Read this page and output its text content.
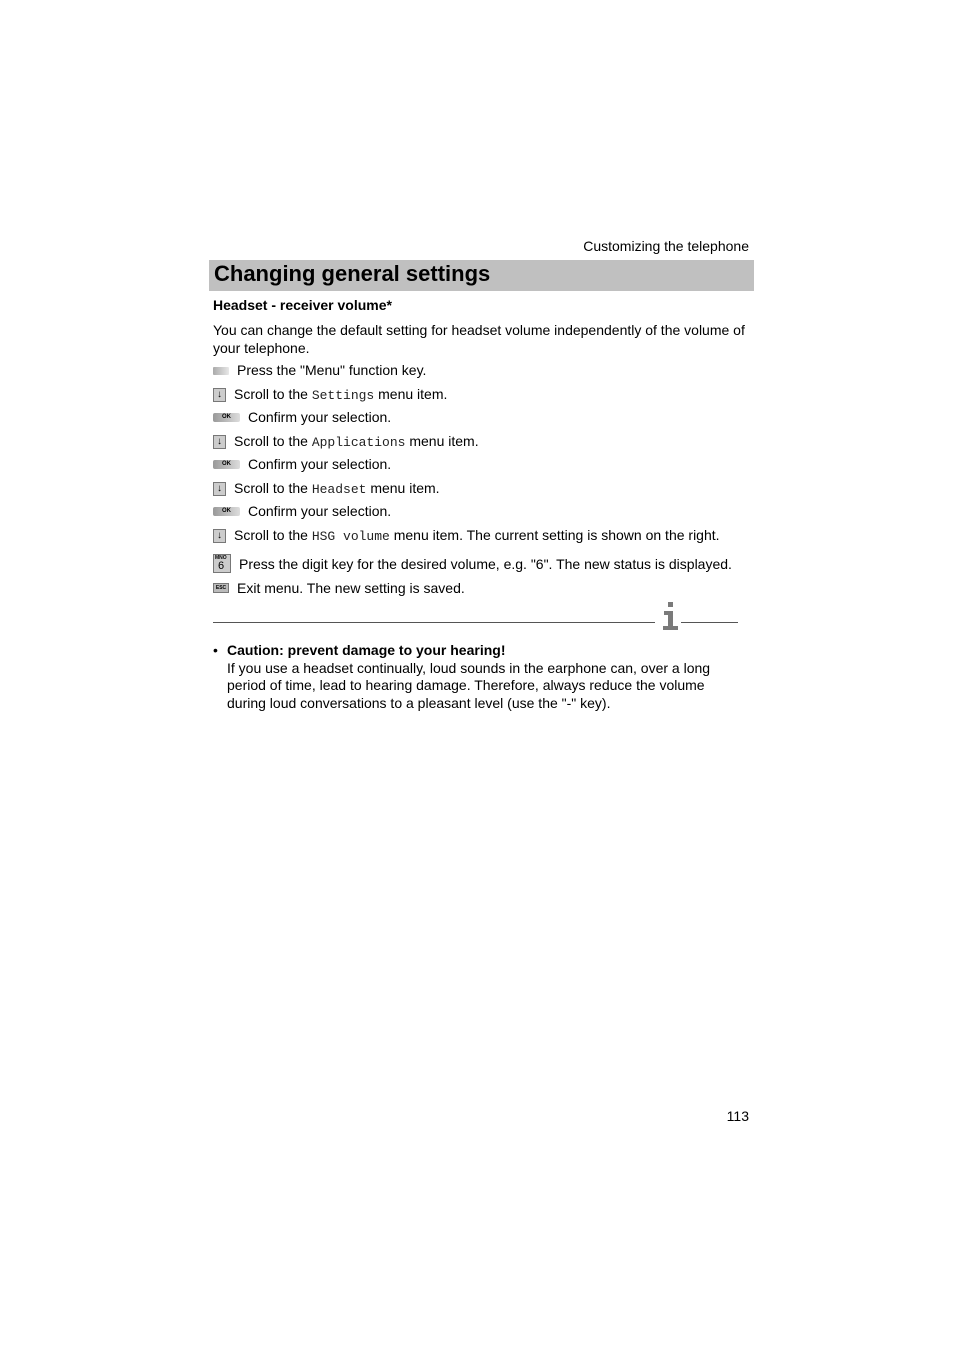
Customizing the telephone
Changing general settings
Headset - receiver volume*
You can change the default setting for headset volume independently of the volume of your telephone.
Press the "Menu" function key.
↓ Scroll to the Settings menu item.
OK	Confirm your selection.
↓ Scroll to the Applications menu item.
OK	Confirm your selection.
↓ Scroll to the Headset menu item.
OK	Confirm your selection.
↓ Scroll to the HSG volume menu item. The current setting is shown on the right.
MNO
6 Press the digit key for the desired volume, e.g. "6". The new status is displayed.
ESC Exit menu. The new setting is saved.
• Caution: prevent damage to your hearing!
If you use a headset continually, loud sounds in the earphone can, over a long period of time, lead to hearing damage. Therefore, always reduce the volume during loud conversations to a pleasant level (use the "-" key).
113
